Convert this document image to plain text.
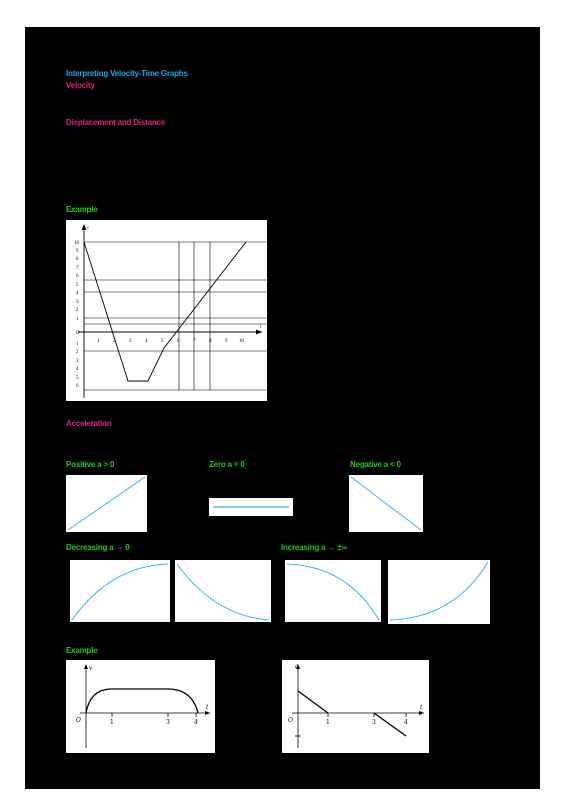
Interpreting Velocity-Time Graphs
Velocity
Displacement and Distance
Example
10
9
8
7
6
5
4
3
2
1
O
1
2
3
4
5
6
1	2	3	4	5	6	7	8	9 10
v
t
Acceleration
Positive a > 0	Zero a = 0	Negative a < 0
Decreasing a → 0	Increasing a → ±∞
Example
v
t
O	1	3	4
a
t
O	1	3	4
